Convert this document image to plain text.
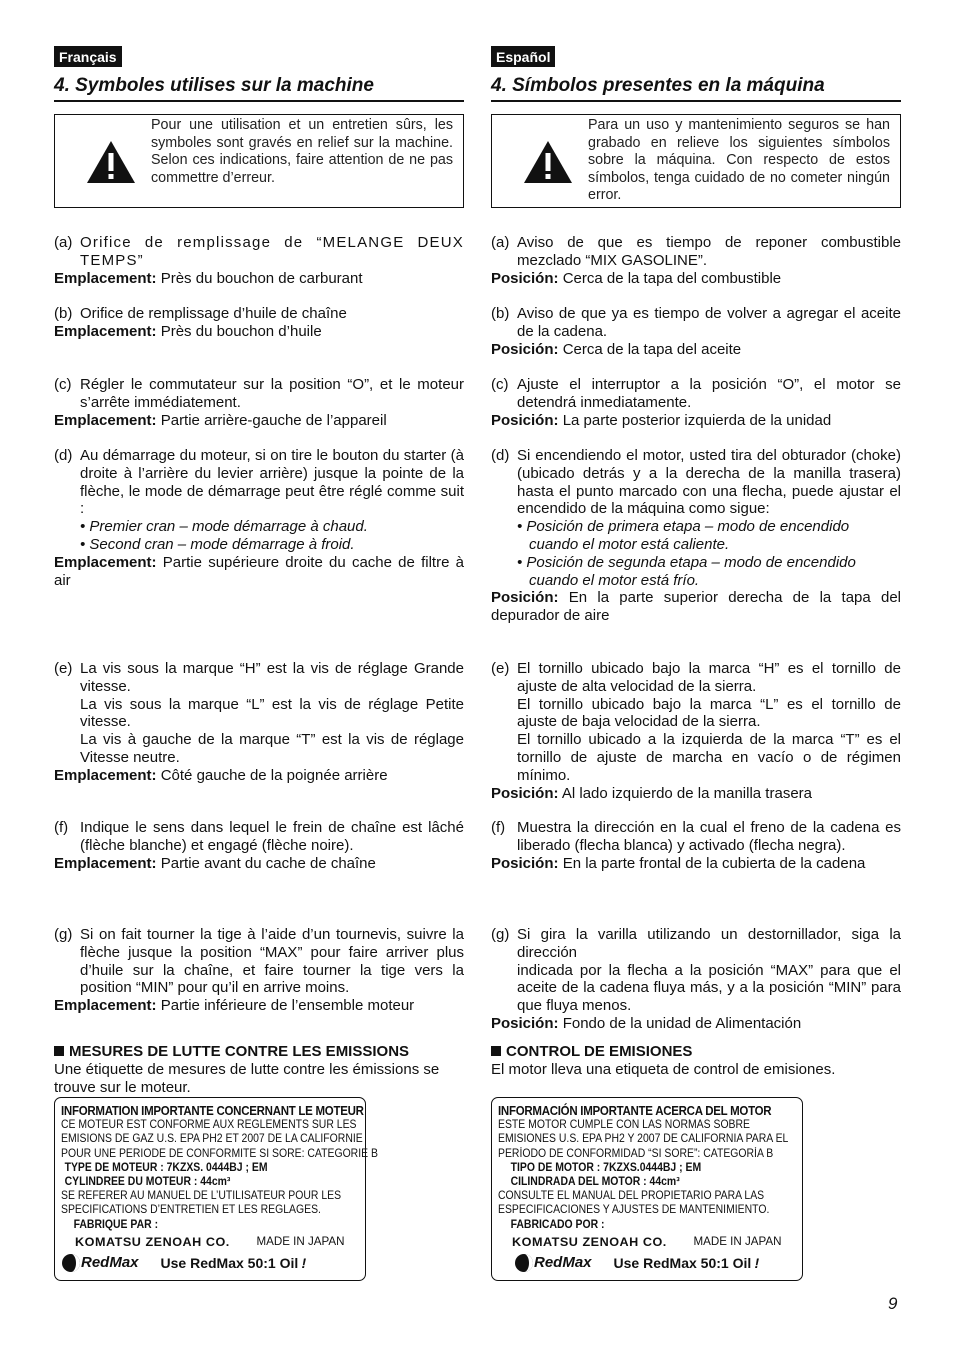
Français
4. Symboles utilises sur la machine
Pour une utilisation et un entretien sûrs, les symboles sont gravés en relief sur la machine. Selon ces indications, faire attention de ne pas commettre d’erreur.
(a) Orifice de remplissage de “MELANGE DEUX TEMPS”

Emplacement: Près du bouchon de carburant

(b) Orifice de remplissage d’huile de chaîne

Emplacement: Près du bouchon d’huile

(c) Régler le commutateur sur la position “O”, et le moteur s’arrête immédiatement.

Emplacement: Partie arrière-gauche de l’appareil

(d) Au démarrage du moteur, si on tire le bouton du starter (à droite à l’arrière du levier arrière) jusque la pointe de la flèche, le mode de démarrage peut être réglé comme suit :

• Premier cran – mode démarrage à chaud.

• Second cran – mode démarrage à froid.

Emplacement: Partie supérieure droite du cache de filtre à air

(e) La vis sous la marque “H” est la vis de réglage Grande vitesse.

La vis sous la marque “L” est la vis de réglage Petite vitesse.

La vis à gauche de la marque “T” est la vis de réglage Vitesse neutre.

Emplacement: Côté gauche de la poignée arrière

(f) Indique le sens dans lequel le frein de chaîne est lâché (flèche blanche) et engagé (flèche noire).

Emplacement: Partie avant du cache de chaîne

(g) Si on fait tourner la tige à l’aide d’un tournevis, suivre la flèche jusque la position “MAX” pour faire arriver plus d’huile sur la chaîne, et faire tourner la tige vers la position “MIN” pour qu’il en arrive moins.

Emplacement: Partie inférieure de l’ensemble moteur

MESURES DE LUTTE CONTRE LES EMISSIONS
Une étiquette de mesures de lutte contre les émissions se trouve sur le moteur.
INFORMATION IMPORTANTE CONCERNANT LE MOTEUR
CE MOTEUR EST CONFORME AUX REGLEMENTS SUR LES
EMISIONS DE GAZ U.S. EPA PH2 ET 2007 DE LA CALIFORNIE
POUR UNE PERIODE DE CONFORMITE SI SORE: CATEGORIE B
TYPE DE MOTEUR : 7KZXS. 0444BJ ; EM
CYLINDREE DU MOTEUR : 44cm³
SE REFERER AU MANUEL DE L’UTILISATEUR POUR LES
SPECIFICATIONS D’ENTRETIEN ET LES REGLAGES.
FABRIQUE PAR :
KOMATSU ZENOAH CO. MADE IN JAPAN
RedMax Use RedMax 50:1 Oil
!
Español
4. Símbolos presentes en la máquina
Para un uso y mantenimiento seguros se han grabado en relieve los siguientes símbolos sobre la máquina. Con respecto de estos símbolos, tenga cuidado de no cometer ningún error.
(a) Aviso de que es tiempo de reponer combustible mezclado “MIX GASOLINE”.

Posición: Cerca de la tapa del combustible

(b) Aviso de que ya es tiempo de volver a agregar el aceite de la cadena.

Posición: Cerca de la tapa del aceite

(c) Ajuste el interruptor a la posición “O”, el motor se detendrá inmediatamente.

Posición: La parte posterior izquierda de la unidad

(d) Si encendiendo el motor, usted tira del obturador (choke) (ubicado detrás y a la derecha de la manilla trasera) hasta el punto marcado con una flecha, puede ajustar el encendido de la máquina como sigue:

• Posición de primera etapa – modo de encendido

cuando el motor está caliente.

• Posición de segunda etapa – modo de encendido

cuando el motor está frío.

Posición: En la parte superior derecha de la tapa del depurador de aire

(e) El tornillo ubicado bajo la marca “H” es el tornillo de ajuste de alta velocidad de la sierra.

El tornillo ubicado bajo la marca “L” es el tornillo de ajuste de baja velocidad de la sierra.

El tornillo ubicado a la izquierda de la marca “T” es el tornillo de ajuste de marcha en vacío o de régimen mínimo.

Posición: Al lado izquierdo de la manilla trasera

(f) Muestra la dirección en la cual el freno de la cadena es liberado (flecha blanca) y activado (flecha negra).

Posición: En la parte frontal de la cubierta de la cadena

(g) Si gira la varilla utilizando un destornillador, siga la dirección

indicada por la flecha a la posición “MAX” para que el aceite de la cadena fluya más, y a la posición “MIN” para que fluya menos.

Posición: Fondo de la unidad de Alimentación

CONTROL DE EMISIONES
El motor lleva una etiqueta de control de emisiones.
INFORMACIÓN IMPORTANTE ACERCA DEL MOTOR
ESTE MOTOR CUMPLE CON LAS NORMAS SOBRE
EMISIONES U.S. EPA PH2 Y 2007 DE CALIFORNIA PARA EL
PERÍODO DE CONFORMIDAD “SI SORE”: CATEGORÍA B
TIPO DE MOTOR : 7KZXS.0444BJ ; EM
CILINDRADA DEL MOTOR : 44cm³
CONSULTE EL MANUAL DEL PROPIETARIO PARA LAS
ESPECIFICACIONES Y AJUSTES DE MANTENIMIENTO.
FABRICADO POR :
KOMATSU ZENOAH CO. MADE IN JAPAN
RedMax Use RedMax 50:1 Oil
!
9
